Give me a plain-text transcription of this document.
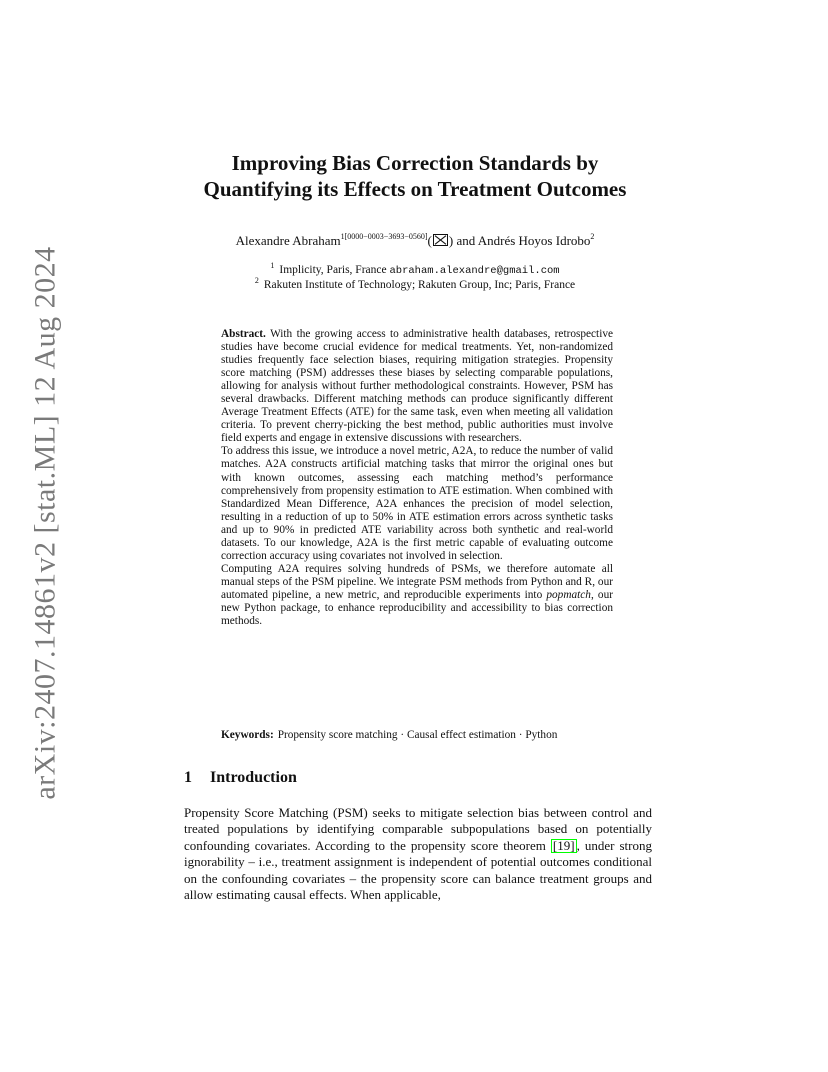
arXiv:2407.14861v2 [stat.ML] 12 Aug 2024
Improving Bias Correction Standards by
Quantifying its Effects on Treatment Outcomes

Alexandre Abraham$^{1[0000-0003-3693-0560]}$( ) and Andrés Hoyos Idrobo$^2$

$^1$ Implicity, Paris, France abraham.alexandre@gmail.com

$^2$ Rakuten Institute of Technology; Rakuten Group, Inc; Paris, France

Abstract. With the growing access to administrative health databases, retrospective studies have become crucial evidence for medical treatments. Yet, non-randomized studies frequently face selection biases, requiring mitigation strategies. Propensity score matching (PSM) addresses these biases by selecting comparable populations, allowing for analysis without further methodological constraints. However, PSM has several drawbacks. Different matching methods can produce significantly different Average Treatment Effects (ATE) for the same task, even when meeting all validation criteria. To prevent cherry-picking the best method, public authorities must involve field experts and engage in extensive discussions with researchers.

To address this issue, we introduce a novel metric, A2A, to reduce the number of valid matches. A2A constructs artificial matching tasks that mirror the original ones but with known outcomes, assessing each matching method’s performance comprehensively from propensity estimation to ATE estimation. When combined with Standardized Mean Difference, A2A enhances the precision of model selection, resulting in a reduction of up to 50% in ATE estimation errors across synthetic tasks and up to 90% in predicted ATE variability across both synthetic and real-world datasets. To our knowledge, A2A is the first metric capable of evaluating outcome correction accuracy using covariates not involved in selection.

Computing A2A requires solving hundreds of PSMs, we therefore automate all manual steps of the PSM pipeline. We integrate PSM methods from Python and R, our automated pipeline, a new metric, and reproducible experiments into popmatch, our new Python package, to enhance reproducibility and accessibility to bias correction methods.

Keywords: Propensity score matching · Causal effect estimation · Python

1 Introduction

Propensity Score Matching (PSM) seeks to mitigate selection bias between control and treated populations by identifying comparable subpopulations based on potentially confounding covariates. According to the propensity score theorem [19] , under strong ignorability – i.e., treatment assignment is independent of potential outcomes conditional on the confounding covariates – the propensity score can balance treatment groups and allow estimating causal effects. When applicable,
